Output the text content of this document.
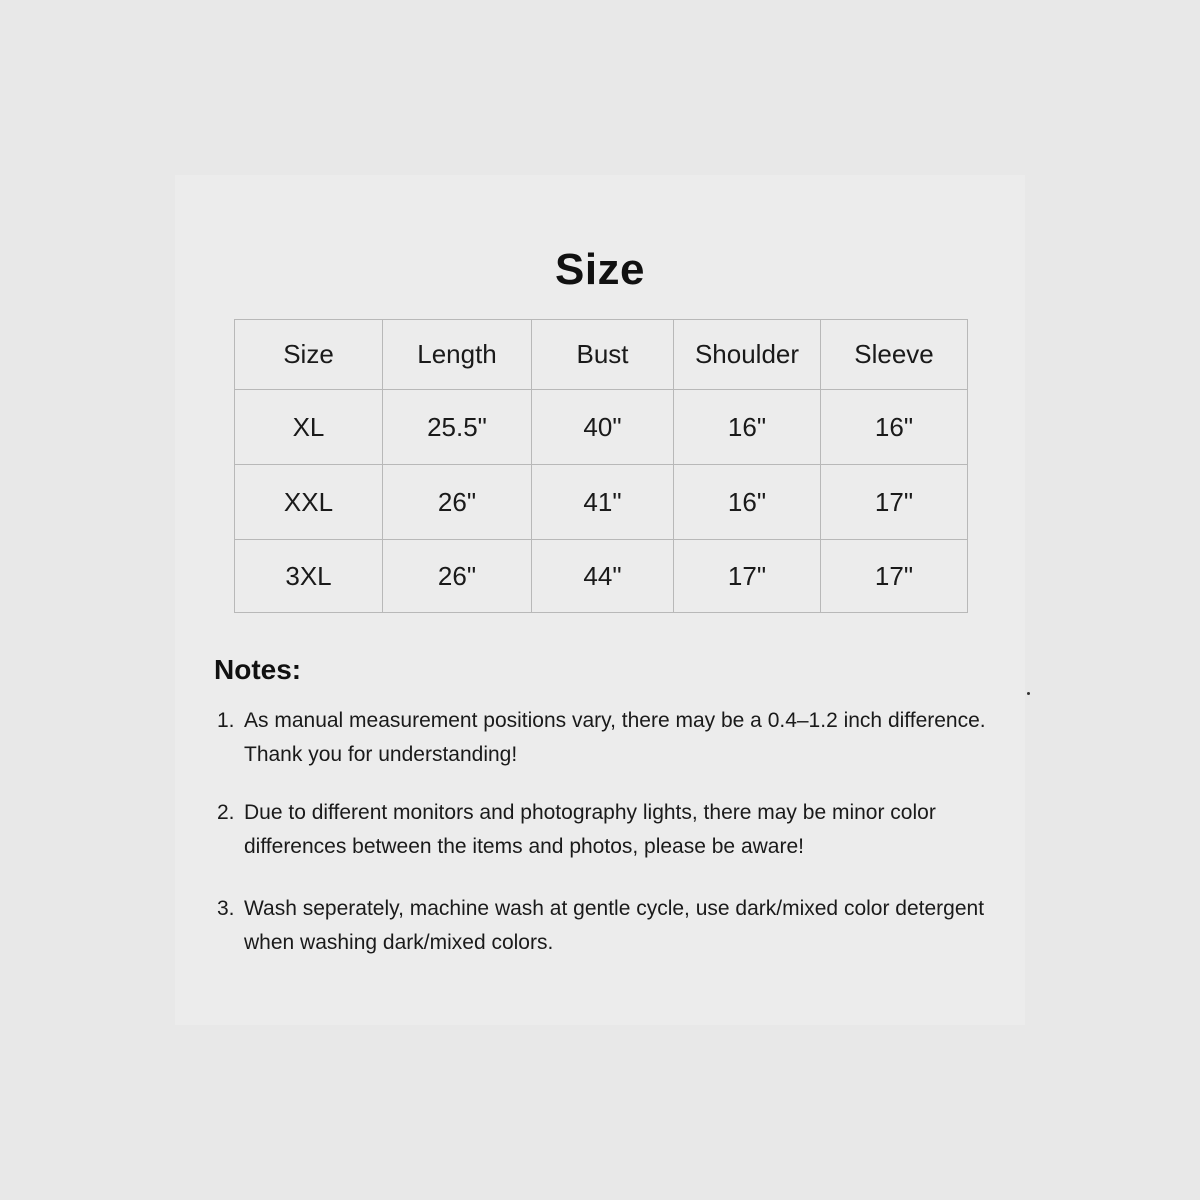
Size
Size	Length	Bust	Shoulder	Sleeve
XL	25.5"	40"	16"	16"
XXL	26"	41"	16"	17"
3XL	26"	44"	17"	17"
Notes:
1. As manual measurement positions vary, there may be a 0.4–1.2 inch difference.
Thank you for understanding!
2. Due to different monitors and photography lights, there may be minor color
differences between the items and photos, please be aware!
3. Wash seperately, machine wash at gentle cycle, use dark/mixed color detergent
when washing dark/mixed colors.
